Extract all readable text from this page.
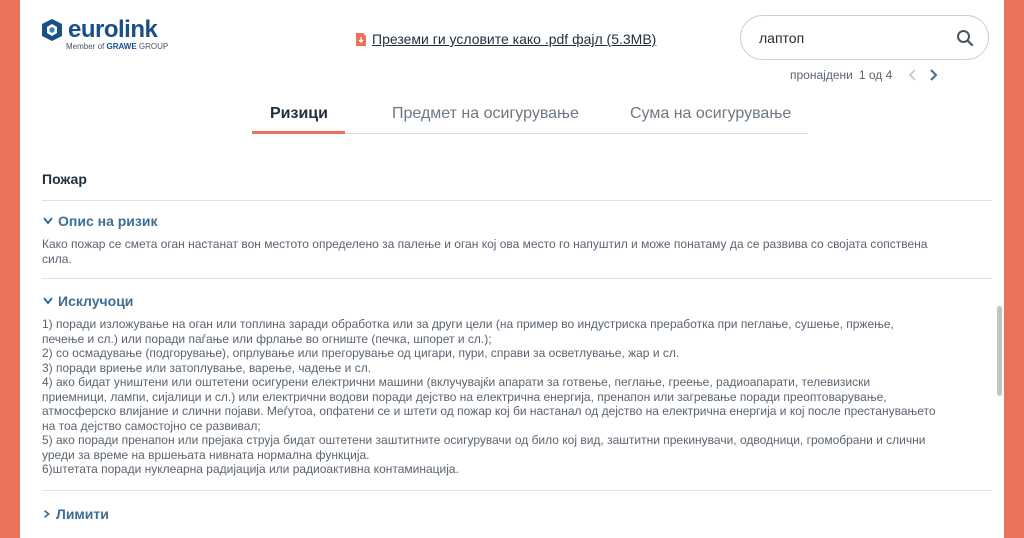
eurolink
Member of GRAWE GROUP	Преземи ги условите како .pdf фајл (5.3MB)
лаптоп
пронајдени 1 од 4
Ризици	Предмет на осигурување	Сума на осигурување
Пожар
Опис на ризик
Како пожар се смета оган настанат вон местото определено за палење и оган кој ова место го напуштил и може понатаму да се развива со својата сопствена
сила.
Исклучоци
1) поради изложување на оган или топлина заради обработка или за други цели (на пример во индустриска преработка при пеглање, сушење, пржење,
печење и сл.) или поради паѓање или фрлање во огниште (печка, шпорет и сл.);
2) со осмадување (подгорување), опрлување или прегорување од цигари, пури, справи за осветлување, жар и сл.
3) поради вриење или затоплување, варење, чадење и сл.
4) ако бидат уништени или оштетени осигурени електрични машини (вклучувајќи апарати за готвење, пеглање, греење, радиоапарати, телевизиски
приемници, лампи, сијалици и сл.) или електрични водови поради дејство на електрична енергија, пренапон или загревање поради преоптоварување,
атмосферско влијание и слични појави. Меѓутоа, опфатени се и штети од пожар кој би настанал од дејство на електрична енергија и кој после престанувањето
на тоа дејство самостојно се развивал;
5) ако поради пренапон или прејака струја бидат оштетени заштитните осигурувачи од било кој вид, заштитни прекинувачи, одводници, громобрани и слични
уреди за време на вршењата нивната нормална функција.
6)штетата поради нуклеарна радијација или радиоактивна контаминација.
Лимити
